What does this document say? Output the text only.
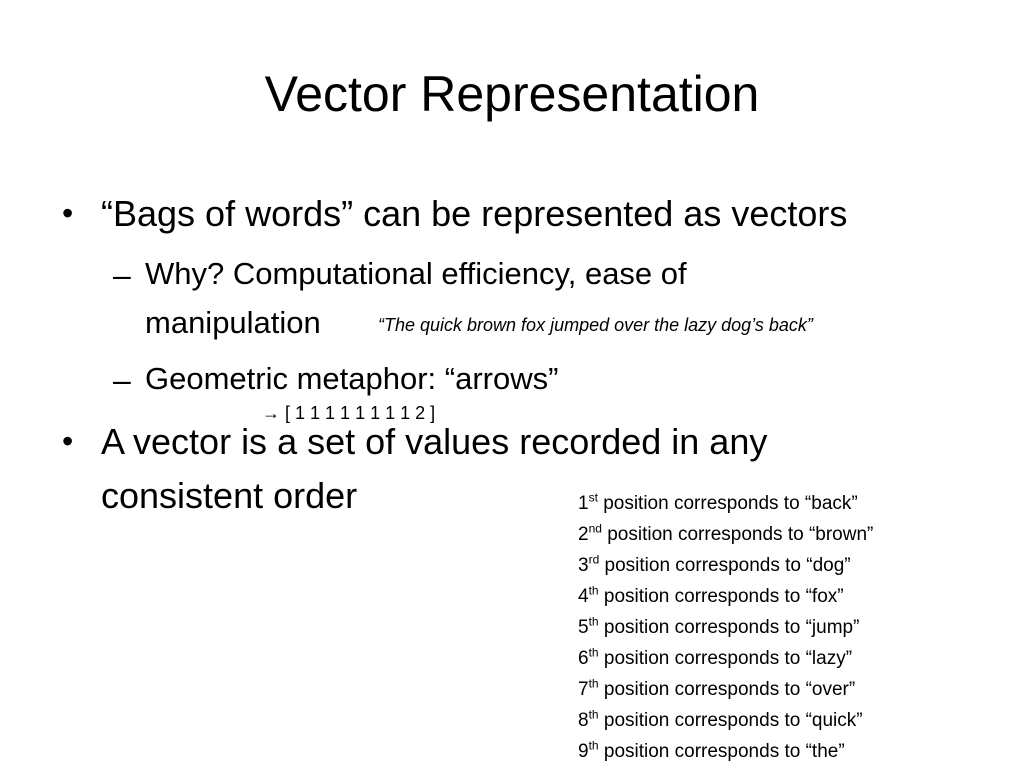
Vector Representation
• “Bags of words” can be represented as vectors
– Why? Computational efficiency, ease of
manipulation	“The quick brown fox jumped over the lazy dog’s back”
– Geometric metaphor: “arrows”
→ [ 1 1 1 1 1 1 1 1 2 ]
• A vector is a set of values recorded in any
consistent order	1st position corresponds to “back”
2nd position corresponds to “brown”
3rd position corresponds to “dog”
4th position corresponds to “fox”
5th position corresponds to “jump”
6th position corresponds to “lazy”
7th position corresponds to “over”
8th position corresponds to “quick”
9th position corresponds to “the”
